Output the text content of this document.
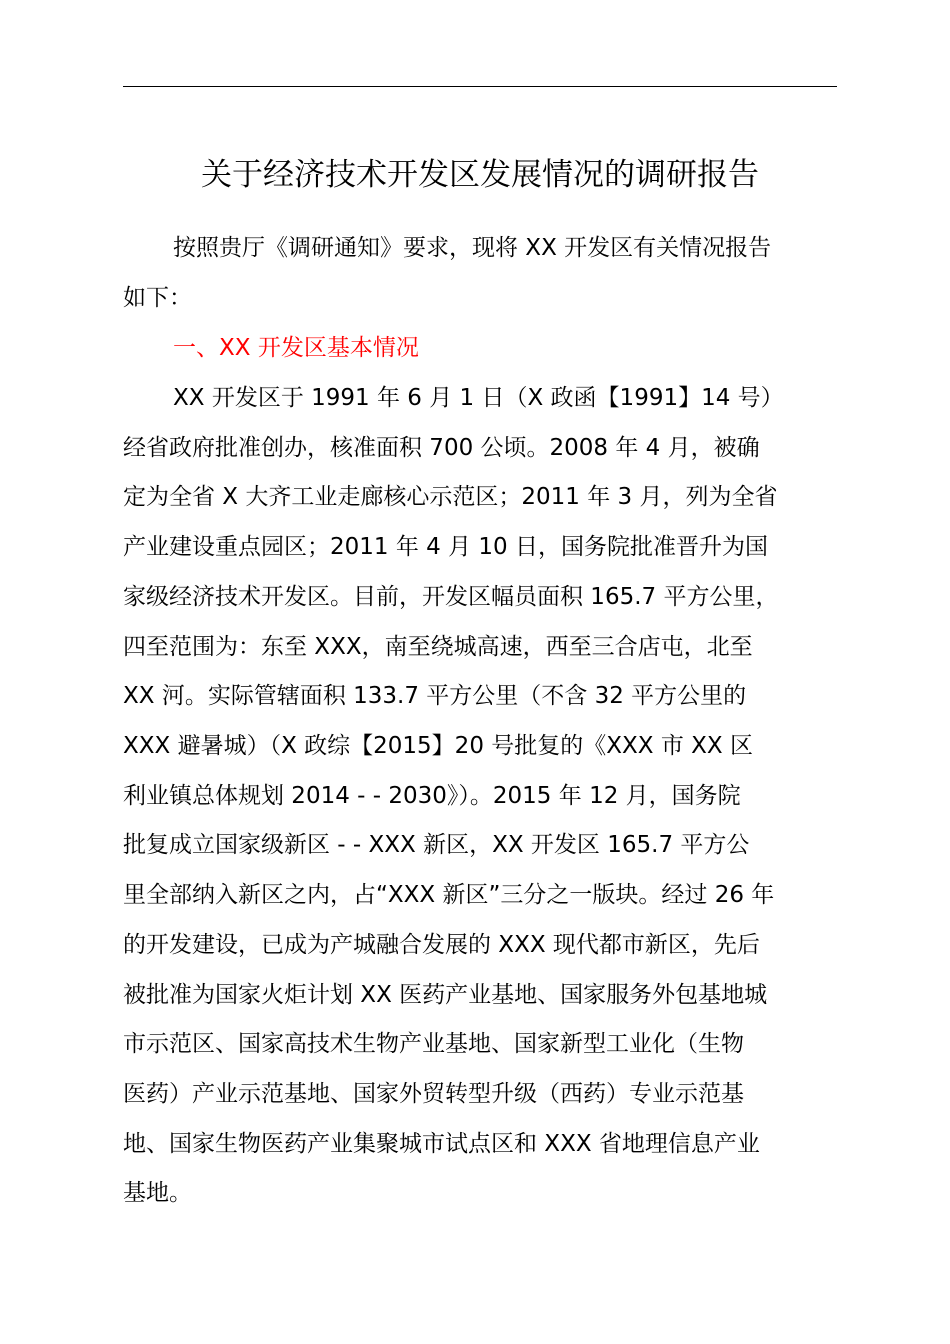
关于经济技术开发区发展情况的调研报告
按照贵厅《调研通知》要求，现将 XX 开发区有关情况报告
如下：
一、XX 开发区基本情况
XX 开发区于 1991 年 6 月 1 日（X 政函【1991】14 号）
经省政府批准创办，核准面积 700 公顷。2008 年 4 月，被确
定为全省 X 大齐工业走廊核心示范区；2011 年 3 月，列为全省
产业建设重点园区；2011 年 4 月 10 日，国务院批准晋升为国
家级经济技术开发区。目前，开发区幅员面积 165.7 平方公里，
四至范围为：东至 XXX，南至绕城高速，西至三合店屯，北至
XX 河。实际管辖面积 133.7 平方公里（不含 32 平方公里的
XXX 避暑城）（X 政综【2015】20 号批复的《XXX 市 XX 区
利业镇总体规划 2014 - - 2030》）。2015 年 12 月，国务院
批复成立国家级新区 - - XXX 新区，XX 开发区 165.7 平方公
里全部纳入新区之内，占“XXX 新区”三分之一版块。经过 26 年
的开发建设，已成为产城融合发展的 XXX 现代都市新区，先后
被批准为国家火炬计划 XX 医药产业基地、国家服务外包基地城
市示范区、国家高技术生物产业基地、国家新型工业化（生物
医药）产业示范基地、国家外贸转型升级（西药）专业示范基
地、国家生物医药产业集聚城市试点区和 XXX 省地理信息产业
基地。
